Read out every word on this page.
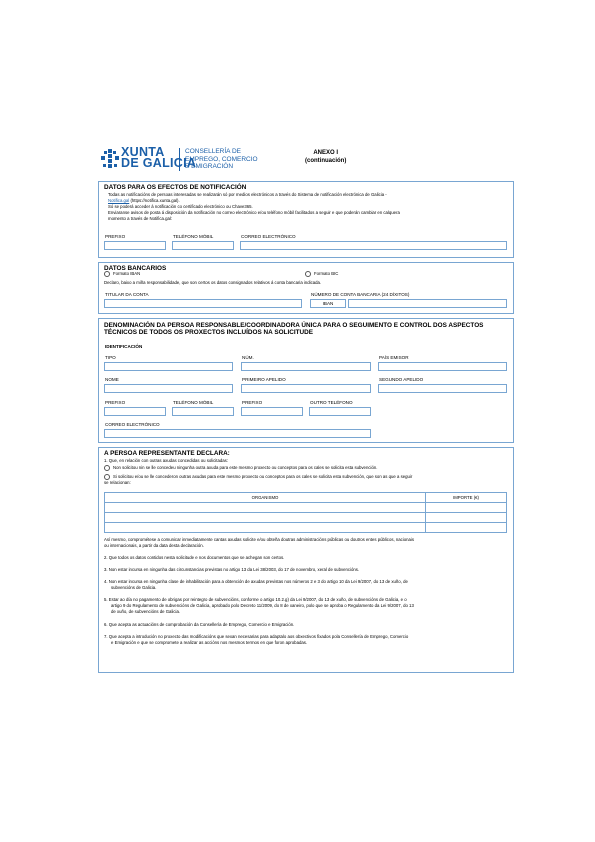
XUNTA
DE GALICIA
CONSELLERÍA DE
EMPREGO, COMERCIO
E EMIGRACIÓN
ANEXO I
(continuación)
DATOS PARA OS EFECTOS DE NOTIFICACIÓN
Todas as notificacións de persoas interesadas se realizarán só por medios electrónicos a través do Sistema de notificación electrónica de Galicia -
Notifica.gal (https://notifica.xunta.gal).
Só se poderá acceder á notificación co certificado electrónico ou Chave365.
Enviaranse avisos de posta á disposición da notificación no correo electrónico e/ou teléfono móbil facilitados a seguir e que poderán cambiar en calquera
momento a través de Notifica.gal:
PREFIXO	TELÉFONO MÓBIL	CORREO ELECTRÓNICO
DATOS BANCARIOS
Formato IBAN	Formato BIC
Declaro, baixo a miña responsabilidade, que son certos os datos consignados relativos á conta bancaria indicada.
TITULAR DA CONTA	NÚMERO DE CONTA BANCARIA (24 DÍXITOS)
IBAN
DENOMINACIÓN DA PERSOA RESPONSABLE/COORDINADORA ÚNICA PARA O SEGUIMENTO E CONTROL DOS ASPECTOS
TÉCNICOS DE TODOS OS PROXECTOS INCLUÍDOS NA SOLICITUDE
IDENTIFICACIÓN
TIPO	NÚM.	PAÍS EMISOR
NOME	PRIMEIRO APELIDO	SEGUNDO APELIDO
PREFIXO	TELÉFONO MÓBIL	PREFIXO	OUTRO TELÉFONO
CORREO ELECTRÓNICO
A PERSOA REPRESENTANTE DECLARA:
1. Que, en relación con outras axudas concedidas ou solicitadas:
Non solicitou nin se lle concedeu ningunha outra axuda para este mesmo proxecto ou conceptos para os cales se solicita esta subvención.
Si solicitou e/ou se lle concederon outras axudas para este mesmo proxecto ou conceptos para os cales se solicita esta subvención, que son as que a seguir
se relacionan:
ORGANISMO	IMPORTE (€)

Así mesmo, comprométese a comunicar inmediatamente cantas axudas solicite e/ou obteña doutras administracións públicas ou doutros entes públicos, nacionais
ou internacionais, a partir da data desta declaración.
2. Que todos os datos contidos nesta solicitude e nos documentos que se achegan son certos.
3. Non estar incursa en ningunha das circunstancias previstas no artigo 13 da Lei 38/2003, do 17 de novembro, xeral de subvencións.
4. Non estar incursa en ningunha clase de inhabilitación para a obtención de axudas previstas nos números 2 e 3 do artigo 10 da Lei 9/2007, do 13 de xuño, de
subvencións de Galicia.
5. Estar ao día no pagamento de obrigas por reintegro de subvencións, conforme o artigo 10.2.g) da Lei 9/2007, do 13 de xuño, de subvencións de Galicia, e o
artigo 9 do Regulamento de subvencións de Galicia, aprobado polo Decreto 11/2009, do 8 de xaneiro, polo que se aproba o Regulamento da Lei 9/2007, do 13
de xuño, de subvencións de Galicia.
6. Que acepta as actuacións de comprobación da Consellería de Emprego, Comercio e Emigración.
7. Que acepta a introdución no proxecto das modificacións que sexan necesarias para adaptalo aos obxectivos fixados pola Consellería de Emprego, Comercio
e Emigración e que se compromete a realizar as accións nos mesmos termos en que foron aprobadas.
